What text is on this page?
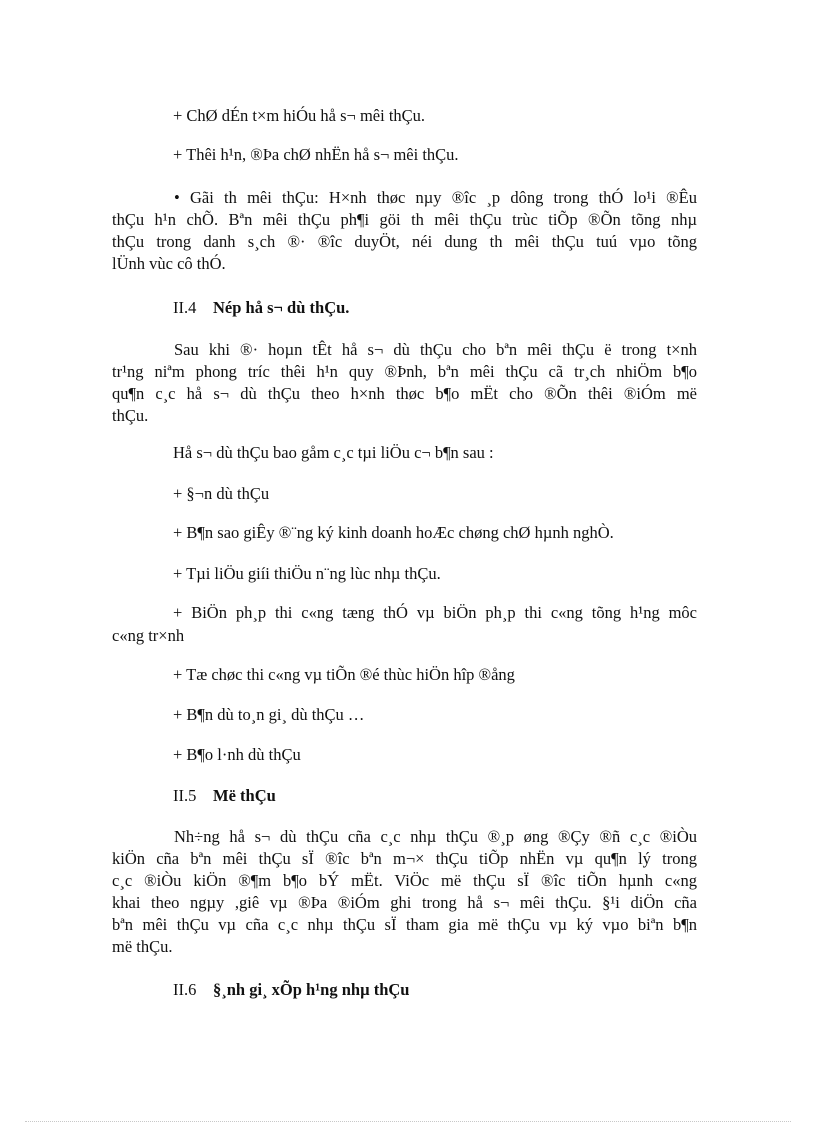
+ ChØ dÉn t×m hiÓu hå s¬ mêi thÇu.
+ Thêi h¹n, ®Þa chØ nhËn hå s¬ mêi thÇu.
• Gãi th mêi thÇu: H×nh thøc nµy ®îc ¸p dông trong thÓ lo¹i ®Êu
thÇu h¹n chÕ. Bªn mêi thÇu ph¶i göi th mêi thÇu trùc tiÕp ®Õn tõng nhµ
thÇu trong danh s¸ch ®· ®îc duyÖt, néi dung th mêi thÇu tuú vµo tõng
lÜnh vùc cô thÓ.
II.4 Nép hå s¬ dù thÇu.
Sau khi ®· hoµn tÊt hå s¬ dù thÇu cho bªn mêi thÇu ë trong t×nh
tr¹ng niªm phong tríc thêi h¹n quy ®Þnh, bªn mêi thÇu cã tr¸ch nhiÖm b¶o
qu¶n c¸c hå s¬ dù thÇu theo h×nh thøc b¶o mËt cho ®Õn thêi ®iÓm më
thÇu.
Hå s¬ dù thÇu bao gåm c¸c tµi liÖu c¬ b¶n sau :
+ §¬n dù thÇu
+ B¶n sao giÊy ®¨ng ký kinh doanh hoÆc chøng chØ hµnh nghÒ.
+ Tµi liÖu giíi thiÖu n¨ng lùc nhµ thÇu.
+ BiÖn ph¸p thi c«ng tæng thÓ vµ biÖn ph¸p thi c«ng tõng h¹ng môc
c«ng tr×nh
+ Tæ chøc thi c«ng vµ tiÕn ®é thùc hiÖn hîp ®ång
+ B¶n dù to¸n gi¸ dù thÇu …
+ B¶o l·nh dù thÇu
II.5 Më thÇu
Nh÷ng hå s¬ dù thÇu cña c¸c nhµ thÇu ®¸p øng ®Çy ®ñ c¸c ®iÒu
kiÖn cña bªn mêi thÇu sÏ ®îc bªn m¬× thÇu tiÕp nhËn vµ qu¶n lý trong
c¸c ®iÒu kiÖn ®¶m b¶o bÝ mËt. ViÖc më thÇu sÏ ®îc tiÕn hµnh c«ng
khai theo ngµy ,giê vµ ®Þa ®iÓm ghi trong hå s¬ mêi thÇu. §¹i diÖn cña
bªn mêi thÇu vµ cña c¸c nhµ thÇu sÏ tham gia më thÇu vµ ký vµo biªn b¶n
më thÇu.
II.6 §¸nh gi¸ xÕp h¹ng nhµ thÇu
